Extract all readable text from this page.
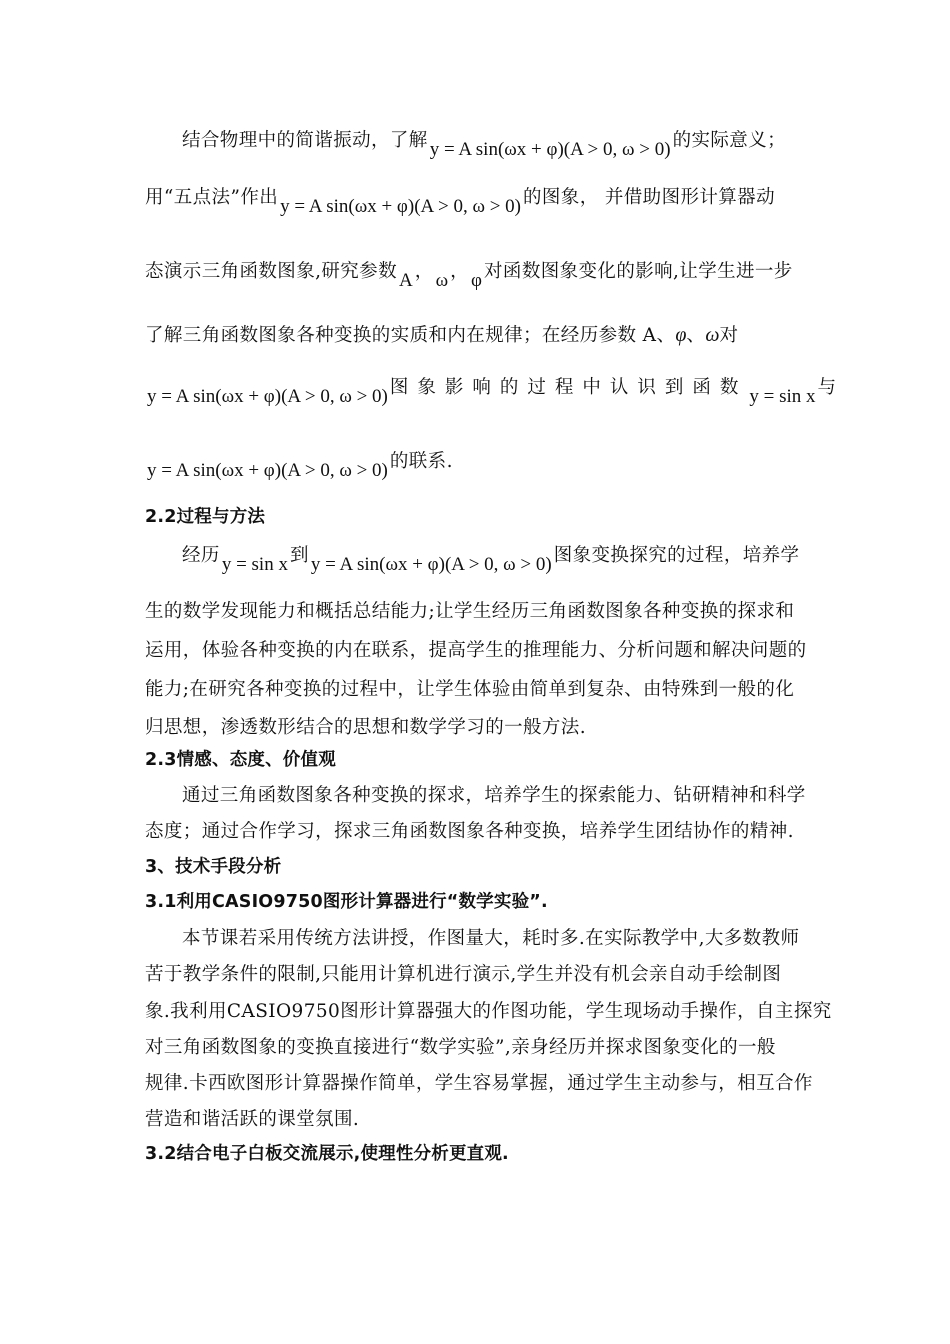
结合物理中的简谐振动，了解 y = A sin(ωx + φ)(A > 0, ω > 0) 的实际意义；
用“五点法”作出 y = A sin(ωx + φ)(A > 0, ω > 0) 的图象， 并借助图形计算器动
态演示三角函数图象,研究参数 A ， ω ， φ 对函数图象变化的影响,让学生进一步
了解三角函数图象各种变换的实质和内在规律；在经历参数 A、φ、ω对
y = A sin(ωx + φ)(A > 0, ω > 0) 图象影响的过程中认识到函数 y = sin x 与
y = A sin(ωx + φ)(A > 0, ω > 0) 的联系.
2.2过程与方法
经历 y = sin x 到 y = A sin(ωx + φ)(A > 0, ω > 0) 图象变换探究的过程，培养学
生的数学发现能力和概括总结能力;让学生经历三角函数图象各种变换的探求和
运用，体验各种变换的内在联系，提高学生的推理能力、分析问题和解决问题的
能力;在研究各种变换的过程中，让学生体验由简单到复杂、由特殊到一般的化
归思想，渗透数形结合的思想和数学学习的一般方法.
2.3情感、态度、价值观
通过三角函数图象各种变换的探求，培养学生的探索能力、钻研精神和科学
态度；通过合作学习，探求三角函数图象各种变换，培养学生团结协作的精神.
3、技术手段分析
3.1利用CASIO9750图形计算器进行“数学实验”.
本节课若采用传统方法讲授，作图量大，耗时多.在实际教学中,大多数教师
苦于教学条件的限制,只能用计算机进行演示,学生并没有机会亲自动手绘制图
象.我利用CASIO9750图形计算器强大的作图功能，学生现场动手操作，自主探究
对三角函数图象的变换直接进行“数学实验”,亲身经历并探求图象变化的一般
规律.卡西欧图形计算器操作简单，学生容易掌握，通过学生主动参与，相互合作
营造和谐活跃的课堂氛围.
3.2结合电子白板交流展示,使理性分析更直观.
